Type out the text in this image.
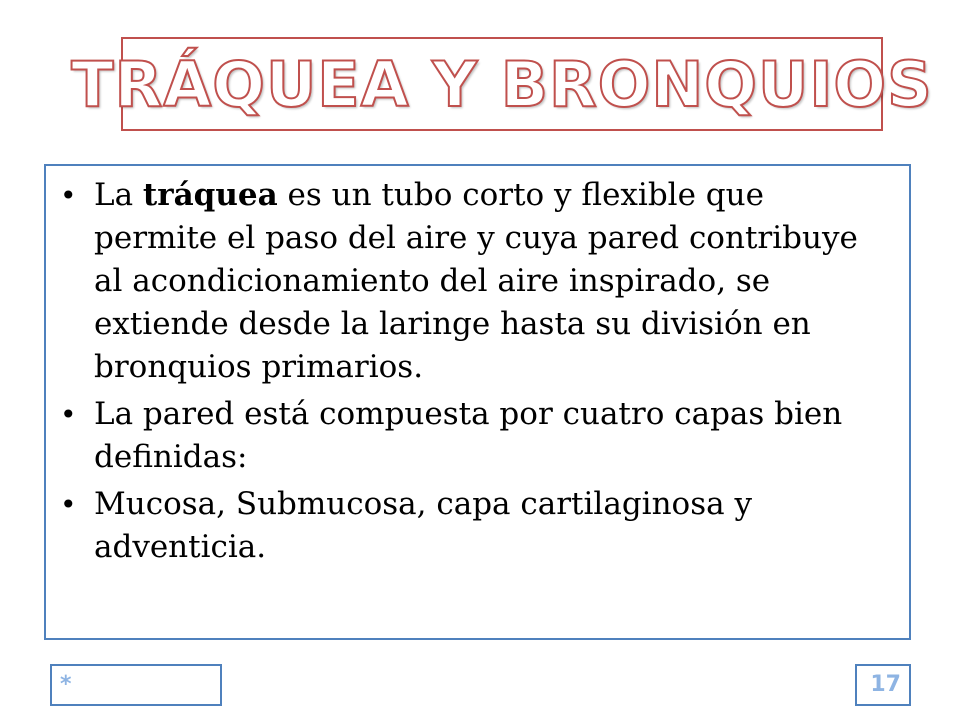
TRÁQUEA Y BRONQUIOS
• La tráquea es un tubo corto y flexible que permite el paso del aire y cuya pared contribuye al acondicionamiento del aire inspirado, se extiende desde la laringe hasta su división en bronquios primarios.
• La pared está compuesta por cuatro capas bien definidas:
• Mucosa, Submucosa, capa cartilaginosa y adventicia.
*	17
